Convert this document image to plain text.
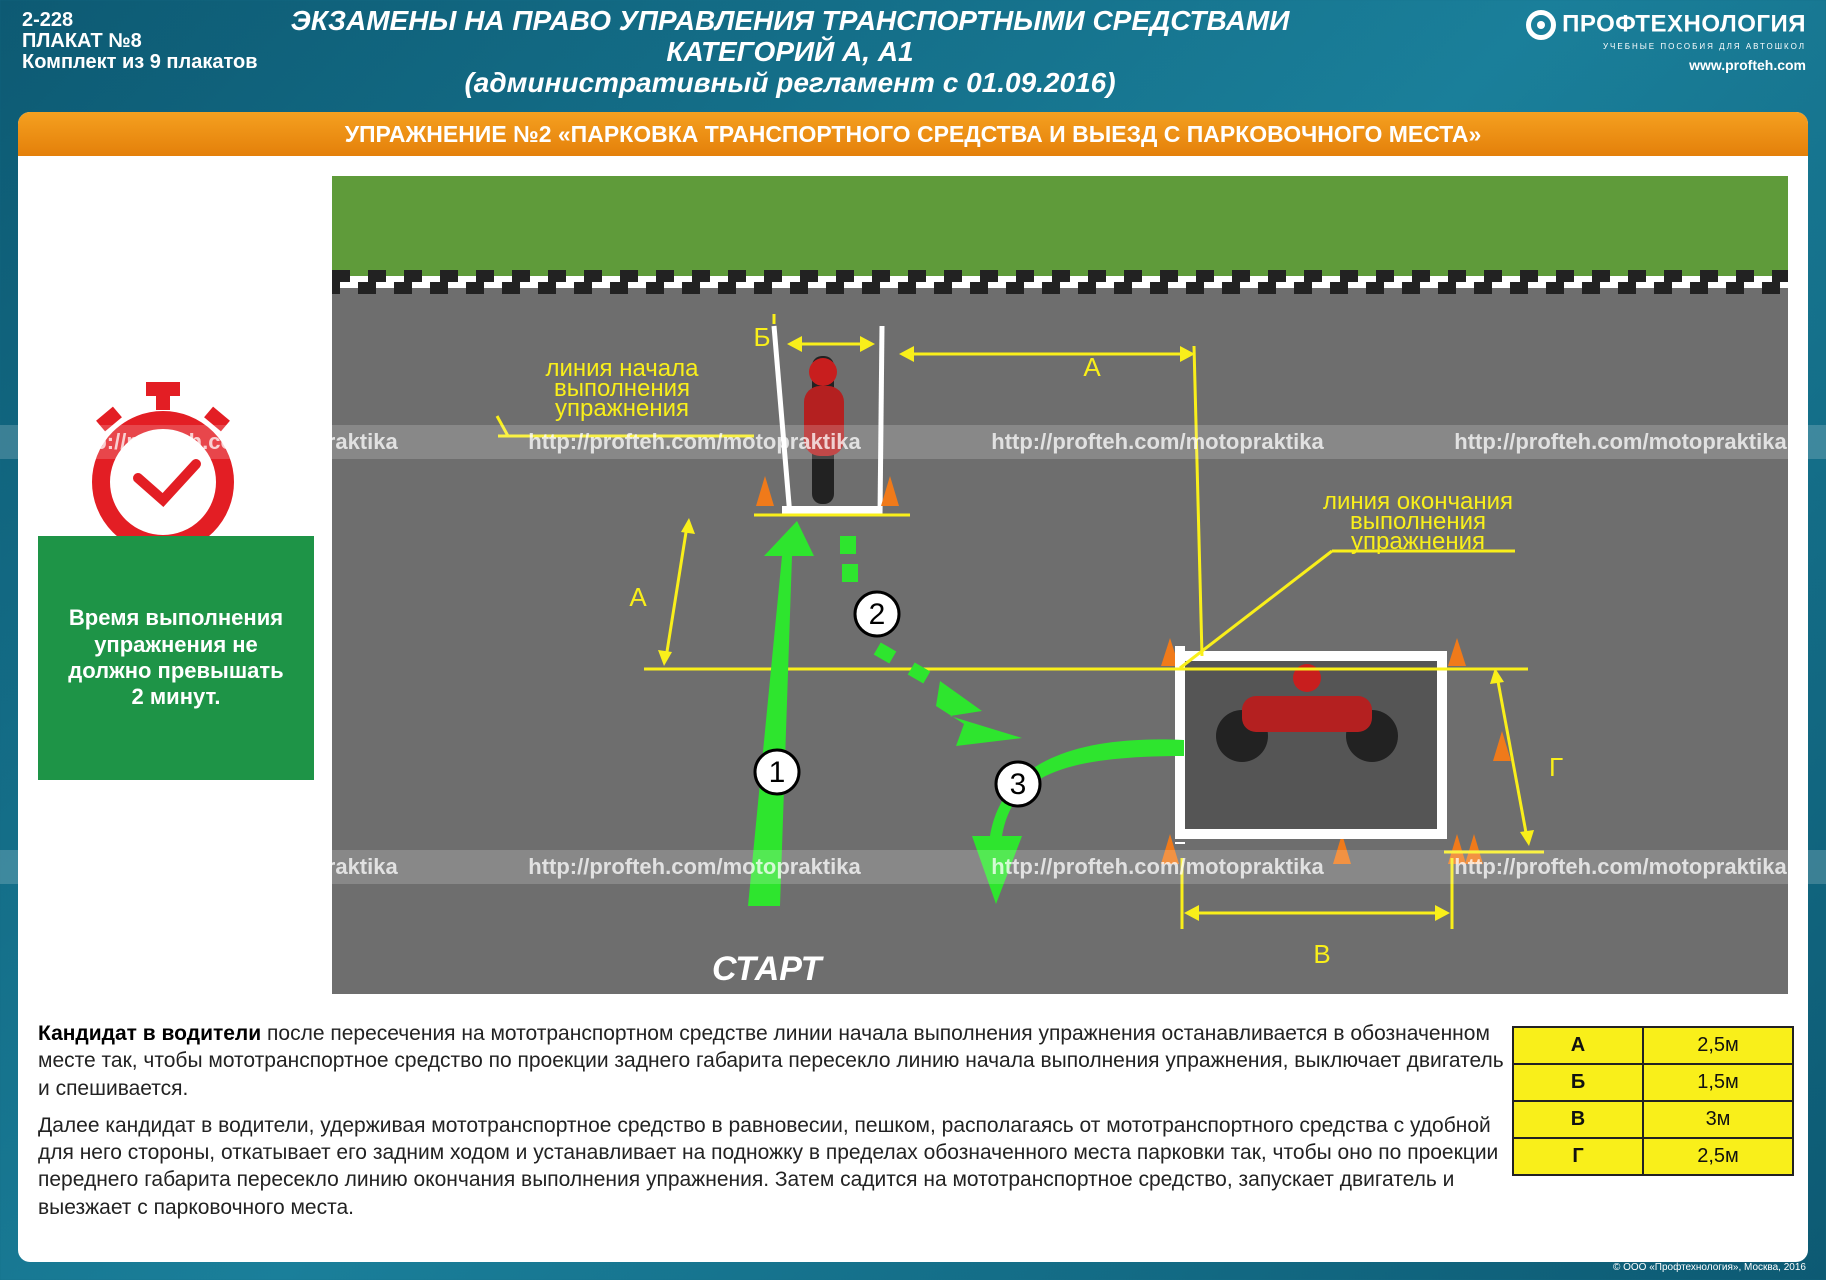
2-228
ПЛАКАТ №8
Комплект из 9 плакатов
ЭКЗАМЕНЫ НА ПРАВО УПРАВЛЕНИЯ ТРАНСПОРТНЫМИ СРЕДСТВАМИ
КАТЕГОРИЙ А, А1
(административный регламент с 01.09.2016)
ПРОФТЕХНОЛОГИЯ
УЧЕБНЫЕ ПОСОБИЯ ДЛЯ АВТОШКОЛ
www.profteh.com
УПРАЖНЕНИЕ №2 «ПАРКОВКА ТРАНСПОРТНОГО СРЕДСТВА И ВЫЕЗД С ПАРКОВОЧНОГО МЕСТА»
Время выполнения упражнения не должно превышать 2 минут.
2
1	3
линия начала
выполнения
упражнения
линия окончания
выполнения
упражнения
Б
А
А
Г
В
СТАРТ

Кандидат в водители после пересечения на мототранспортном средстве линии начала выполнения упражнения останавливается в обозначенном месте так, чтобы мототранспортное средство по проекции заднего габарита пересекло линию начала выполнения упражнения, выключает двигатель и спешивается.

Далее кандидат в водители, удерживая мототранспортное средство в равновесии, пешком, располагаясь от мототранспортного средства с удобной для него стороны, откатывает его задним ходом и устанавливает на подножку в пределах обозначенного места парковки так, чтобы оно по проекции переднего габарита пересекло линию окончания выполнения упражнения. Затем садится на мототранспортное средство, запускает двигатель и выезжает с парковочного места.

А	2,5м
Б	1,5м
В	3м
Г	2,5м
http://profteh.com/motopraktika	http://profteh.com/motopraktika	http://profteh.com/motopraktika	http://profteh.com/motopraktika
http://profteh.com/motopraktika	http://profteh.com/motopraktika	http://profteh.com/motopraktika	http://profteh.com/motopraktika
© ООО «Профтехнология», Москва, 2016
